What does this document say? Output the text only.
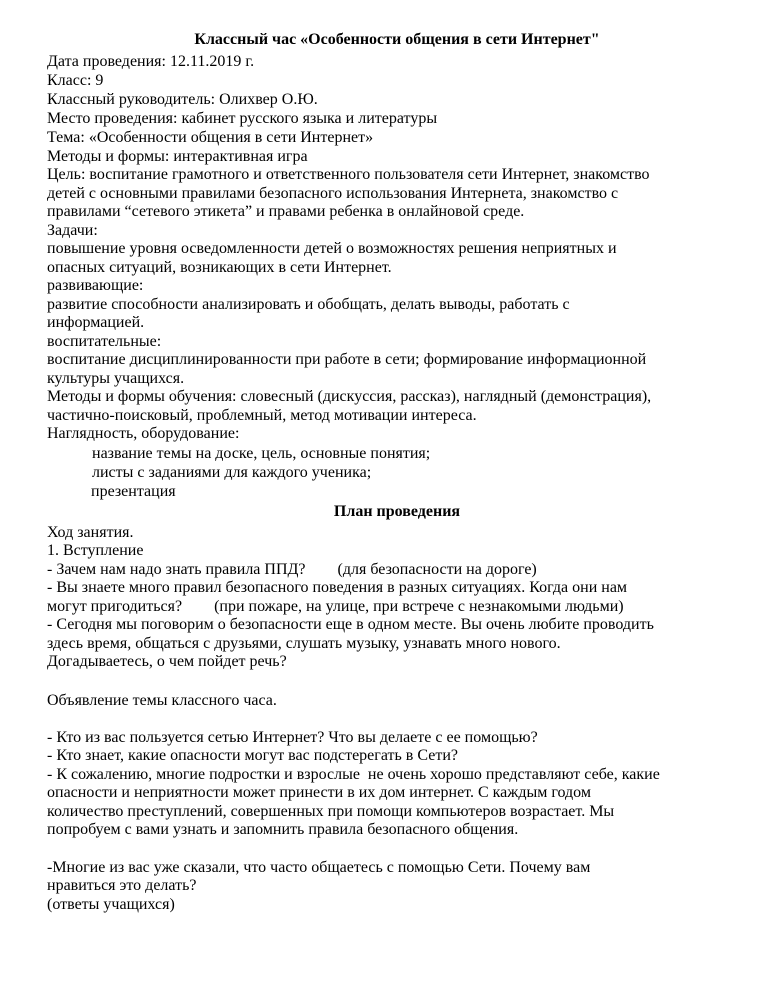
Классный час «Особенности общения в сети Интернет"

Дата проведения: 12.11.2019 г.

Класс: 9

Классный руководитель: Олихвер О.Ю.

Место проведения: кабинет русского языка и литературы

Тема: «Особенности общения в сети Интернет»

Методы и формы: интерактивная игра

Цель: воспитание грамотного и ответственного пользователя сети Интернет, знакомство

детей с основными правилами безопасного использования Интернета, знакомство с

правилами “сетевого этикета” и правами ребенка в онлайновой среде.

Задачи:

повышение уровня осведомленности детей о возможностях решения неприятных и

опасных ситуаций, возникающих в сети Интернет.

развивающие:

развитие способности анализировать и обобщать, делать выводы, работать с

информацией.

воспитательные:

воспитание дисциплинированности при работе в сети; формирование информационной

культуры учащихся.

Методы и формы обучения: словесный (дискуссия, рассказ), наглядный (демонстрация),

частично-поисковый, проблемный, метод мотивации интереса.

Наглядность, оборудование:

название темы на доске, цель, основные понятия;

листы с заданиями для каждого ученика;

презентация

План проведения

Ход занятия.

1. Вступление

- Зачем нам надо знать правила ППД?        (для безопасности на дороге)

- Вы знаете много правил безопасного поведения в разных ситуациях. Когда они нам

могут пригодиться?        (при пожаре, на улице, при встрече с незнакомыми людьми)

- Сегодня мы поговорим о безопасности еще в одном месте. Вы очень любите проводить

здесь время, общаться с друзьями, слушать музыку, узнавать много нового.

Догадываетесь, о чем пойдет речь?

Объявление темы классного часа.

- Кто из вас пользуется сетью Интернет? Что вы делаете с ее помощью?

- Кто знает, какие опасности могут вас подстерегать в Сети?

- К сожалению, многие подростки и взрослые  не очень хорошо представляют себе, какие

опасности и неприятности может принести в их дом интернет. С каждым годом

количество преступлений, совершенных при помощи компьютеров возрастает. Мы

попробуем с вами узнать и запомнить правила безопасного общения.

-Многие из вас уже сказали, что часто общаетесь с помощью Сети. Почему вам

нравиться это делать?

(ответы учащихся)
